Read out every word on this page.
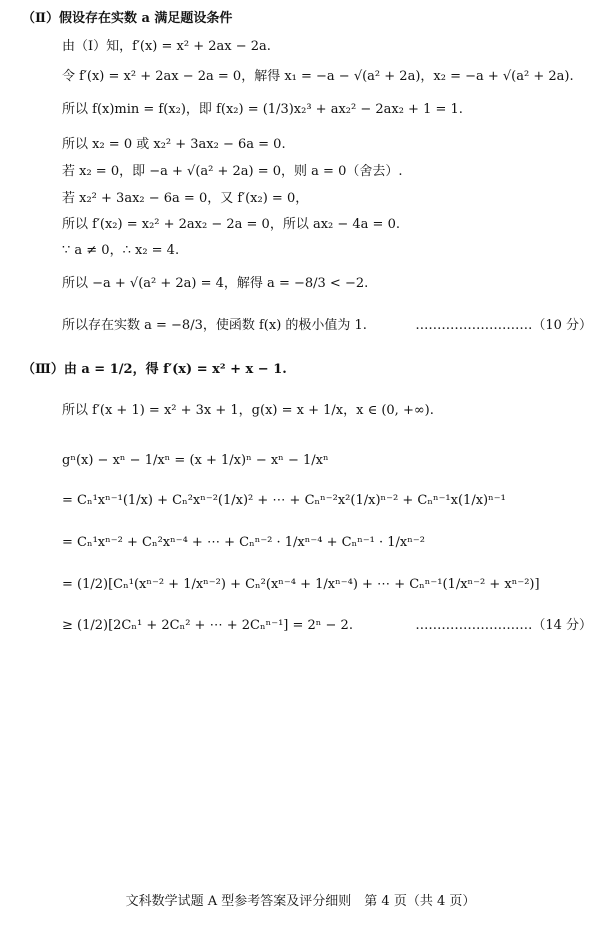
（Ⅱ）假设存在实数 a 满足题设条件
由（Ⅰ）知，f′(x) = x² + 2ax − 2a.
令 f′(x) = x² + 2ax − 2a = 0，解得 x₁ = −a − √(a² + 2a)，x₂ = −a + √(a² + 2a).
所以 f(x)min = f(x₂)，即 f(x₂) = (1/3)x₂³ + ax₂² − 2ax₂ + 1 = 1.
所以 x₂ = 0 或 x₂² + 3ax₂ − 6a = 0.
若 x₂ = 0，即 −a + √(a² + 2a) = 0，则 a = 0（舍去）.
若 x₂² + 3ax₂ − 6a = 0，又 f′(x₂) = 0，
所以 f′(x₂) = x₂² + 2ax₂ − 2a = 0，所以 ax₂ − 4a = 0.
∵ a ≠ 0，∴ x₂ = 4.
所以 −a + √(a² + 2a) = 4，解得 a = −8/3 < −2.
所以存在实数 a = −8/3，使函数 f(x) 的极小值为 1.	………………………（10 分）
（Ⅲ）由 a = 1/2，得 f′(x) = x² + x − 1.
所以 f′(x + 1) = x² + 3x + 1，g(x) = x + 1/x，x ∈ (0, +∞).
gⁿ(x) − xⁿ − 1/xⁿ = (x + 1/x)ⁿ − xⁿ − 1/xⁿ
= Cₙ¹xⁿ⁻¹(1/x) + Cₙ²xⁿ⁻²(1/x)² + ⋯ + Cₙⁿ⁻²x²(1/x)ⁿ⁻² + Cₙⁿ⁻¹x(1/x)ⁿ⁻¹
= Cₙ¹xⁿ⁻² + Cₙ²xⁿ⁻⁴ + ⋯ + Cₙⁿ⁻² · 1/xⁿ⁻⁴ + Cₙⁿ⁻¹ · 1/xⁿ⁻²
= (1/2)[Cₙ¹(xⁿ⁻² + 1/xⁿ⁻²) + Cₙ²(xⁿ⁻⁴ + 1/xⁿ⁻⁴) + ⋯ + Cₙⁿ⁻¹(1/xⁿ⁻² + xⁿ⁻²)]
≥ (1/2)[2Cₙ¹ + 2Cₙ² + ⋯ + 2Cₙⁿ⁻¹] = 2ⁿ − 2.	………………………（14 分）
文科数学试题 A 型参考答案及评分细则　第 4 页（共 4 页）
